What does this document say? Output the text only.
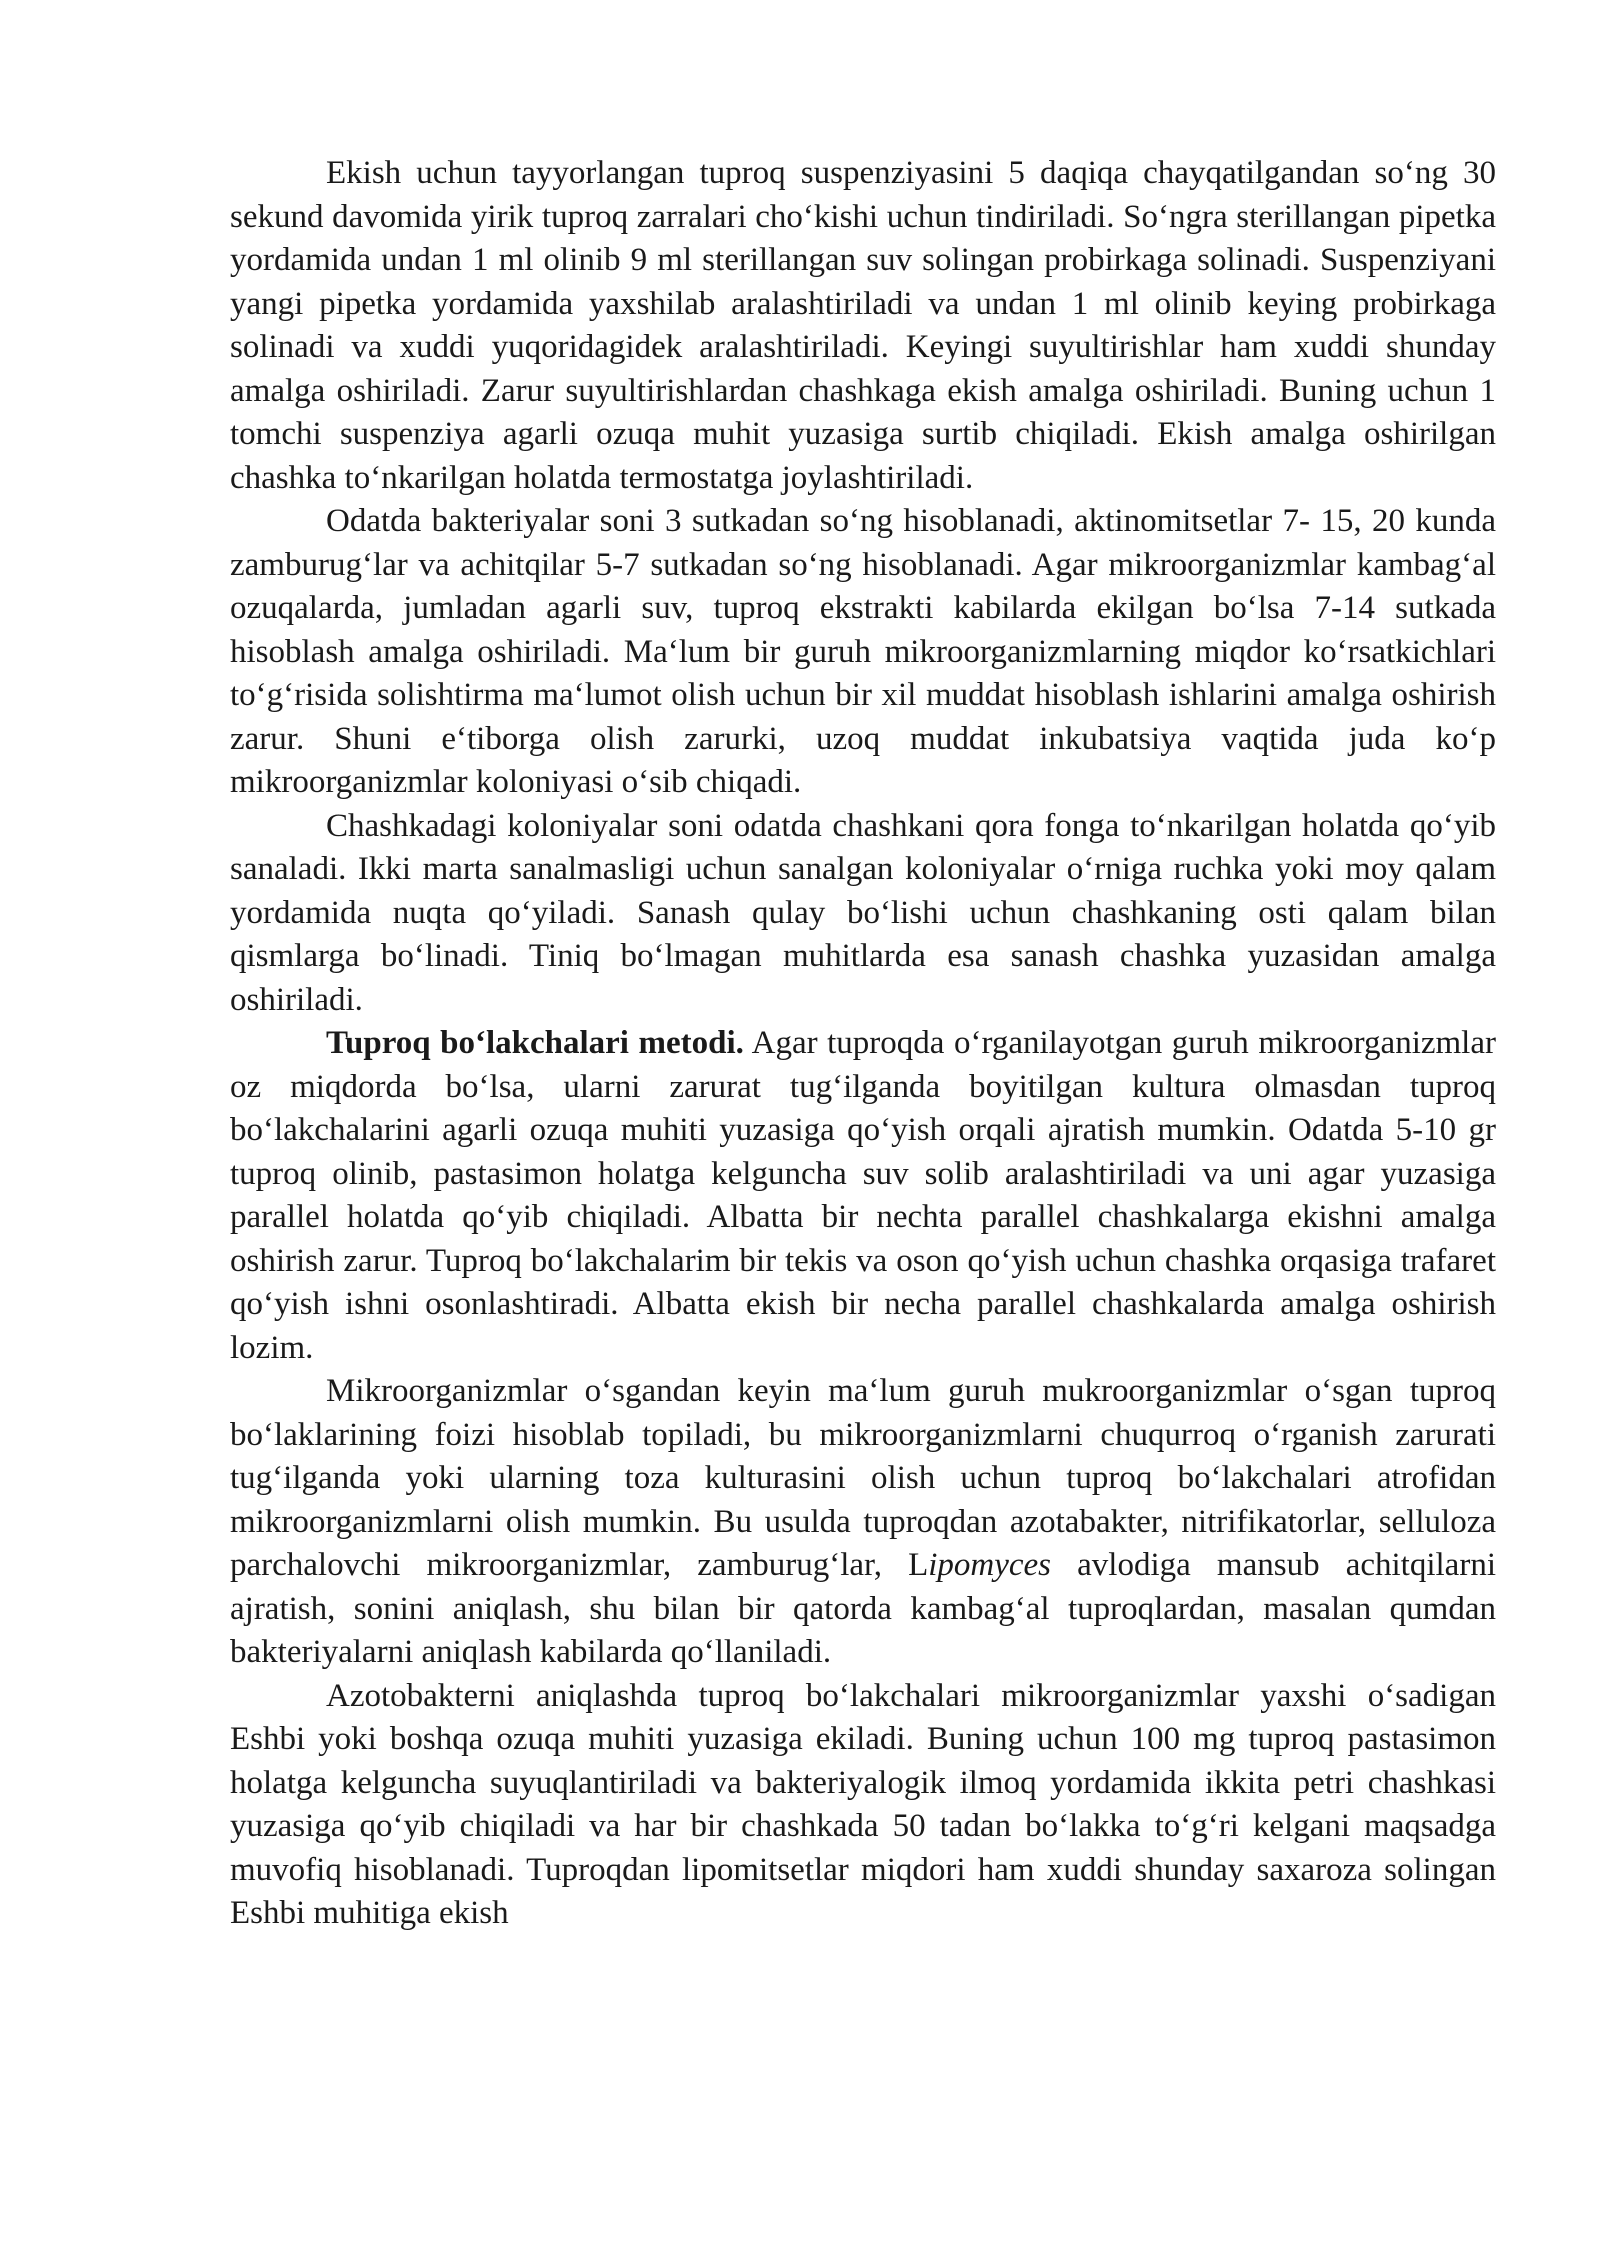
Ekish uchun tayyorlangan tuproq suspenziyasini 5 daqiqa chayqatilgandan so‘ng 30 sekund davomida yirik tuproq zarralari cho‘kishi uchun tindiriladi. So‘ngra sterillangan pipetka yordamida undan 1 ml olinib 9 ml sterillangan suv solingan probirkaga solinadi. Suspenziyani yangi pipetka yordamida yaxshilab aralashtiriladi va undan 1 ml olinib keying probirkaga solinadi va xuddi yuqoridagidek aralashtiriladi. Keyingi suyultirishlar ham xuddi shunday amalga oshiriladi. Zarur suyultirishlardan chashkaga ekish amalga oshiriladi. Buning uchun 1 tomchi suspenziya agarli ozuqa muhit yuzasiga surtib chiqiladi. Ekish amalga oshirilgan chashka to‘nkarilgan holatda termostatga joylashtiriladi.

Odatda bakteriyalar soni 3 sutkadan so‘ng hisoblanadi, aktinomitsetlar 7- 15, 20 kunda zamburug‘lar va achitqilar 5-7 sutkadan so‘ng hisoblanadi. Agar mikroorganizmlar kambag‘al ozuqalarda, jumladan agarli suv, tuproq ekstrakti kabilarda ekilgan bo‘lsa 7-14 sutkada hisoblash amalga oshiriladi. Ma‘lum bir guruh mikroorganizmlarning miqdor ko‘rsatkichlari to‘g‘risida solishtirma ma‘lumot olish uchun bir xil muddat hisoblash ishlarini amalga oshirish zarur. Shuni e‘tiborga olish zarurki, uzoq muddat inkubatsiya vaqtida juda ko‘p mikroorganizmlar koloniyasi o‘sib chiqadi.

Chashkadagi koloniyalar soni odatda chashkani qora fonga to‘nkarilgan holatda qo‘yib sanaladi. Ikki marta sanalmasligi uchun sanalgan koloniyalar o‘rniga ruchka yoki moy qalam yordamida nuqta qo‘yiladi. Sanash qulay bo‘lishi uchun chashkaning osti qalam bilan qismlarga bo‘linadi. Tiniq bo‘lmagan muhitlarda esa sanash chashka yuzasidan amalga oshiriladi.

Tuproq bo‘lakchalari metodi. Agar tuproqda o‘rganilayotgan guruh mikroorganizmlar oz miqdorda bo‘lsa, ularni zarurat tug‘ilganda boyitilgan kultura olmasdan tuproq bo‘lakchalarini agarli ozuqa muhiti yuzasiga qo‘yish orqali ajratish mumkin. Odatda 5-10 gr tuproq olinib, pastasimon holatga kelguncha suv solib aralashtiriladi va uni agar yuzasiga parallel holatda qo‘yib chiqiladi. Albatta bir nechta parallel chashkalarga ekishni amalga oshirish zarur. Tuproq bo‘lakchalarim bir tekis va oson qo‘yish uchun chashka orqasiga trafaret qo‘yish ishni osonlashtiradi. Albatta ekish bir necha parallel chashkalarda amalga oshirish lozim.

Mikroorganizmlar o‘sgandan keyin ma‘lum guruh mukroorganizmlar o‘sgan tuproq bo‘laklarining foizi hisoblab topiladi, bu mikroorganizmlarni chuqurroq o‘rganish zarurati tug‘ilganda yoki ularning toza kulturasini olish uchun tuproq bo‘lakchalari atrofidan mikroorganizmlarni olish mumkin. Bu usulda tuproqdan azotabakter, nitrifikatorlar, selluloza parchalovchi mikroorganizmlar, zamburug‘lar, Lipomyces avlodiga mansub achitqilarni ajratish, sonini aniqlash, shu bilan bir qatorda kambag‘al tuproqlardan, masalan qumdan bakteriyalarni aniqlash kabilarda qo‘llaniladi.

Azotobakterni aniqlashda tuproq bo‘lakchalari mikroorganizmlar yaxshi o‘sadigan Eshbi yoki boshqa ozuqa muhiti yuzasiga ekiladi. Buning uchun 100 mg tuproq pastasimon holatga kelguncha suyuqlantiriladi va bakteriyalogik ilmoq yordamida ikkita petri chashkasi yuzasiga qo‘yib chiqiladi va har bir chashkada 50 tadan bo‘lakka to‘g‘ri kelgani maqsadga muvofiq hisoblanadi. Tuproqdan lipomitsetlar miqdori ham xuddi shunday saxaroza solingan Eshbi muhitiga ekish
